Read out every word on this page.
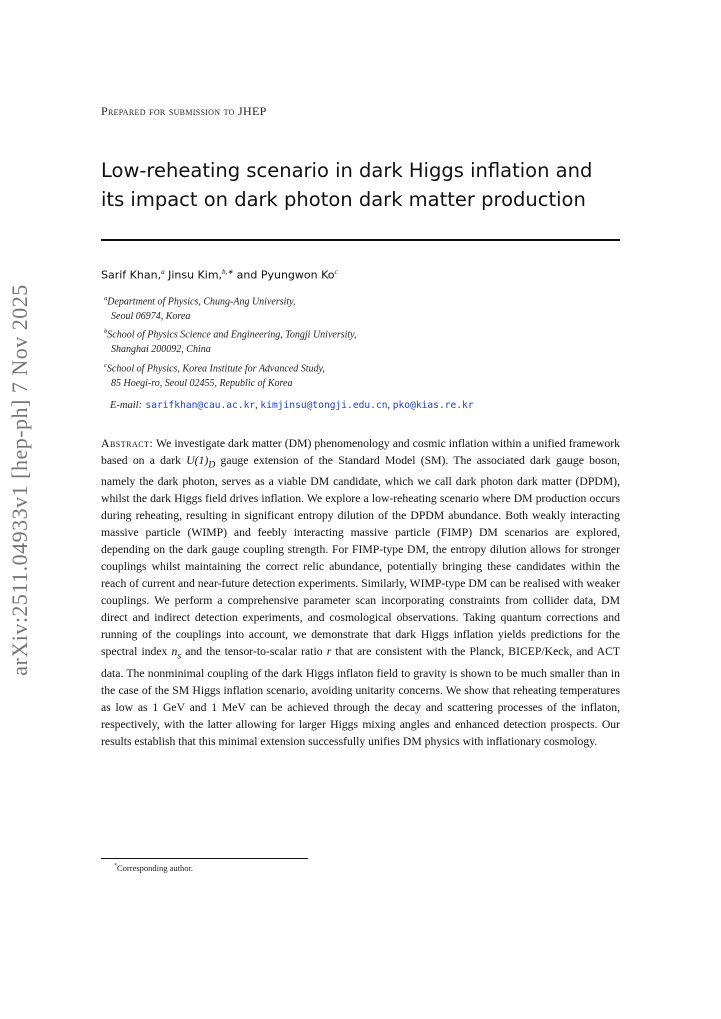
arXiv:2511.04933v1 [hep-ph] 7 Nov 2025
Prepared for submission to JHEP
Low-reheating scenario in dark Higgs inflation and
its impact on dark photon dark matter production
Sarif Khan,$^a$ Jinsu Kim,$^{b,∗}$ and Pyungwon Ko$^c$
$^a$Department of Physics, Chung-Ang University,
Seoul 06974, Korea
$^b$School of Physics Science and Engineering, Tongji University,
Shanghai 200092, China
$^c$School of Physics, Korea Institute for Advanced Study,
85 Hoegi-ro, Seoul 02455, Republic of Korea
E-mail: sarifkhan@cau.ac.kr, kimjinsu@tongji.edu.cn, pko@kias.re.kr
Abstract: We investigate dark matter (DM) phenomenology and cosmic inflation within a unified framework based on a dark $U(1)_D$ gauge extension of the Standard Model (SM). The associated dark gauge boson, namely the dark photon, serves as a viable DM candidate, which we call dark photon dark matter (DPDM), whilst the dark Higgs field drives inflation. We explore a low-reheating scenario where DM production occurs during reheating, resulting in significant entropy dilution of the DPDM abundance. Both weakly interacting massive particle (WIMP) and feebly interacting massive particle (FIMP) DM scenarios are explored, depending on the dark gauge coupling strength. For FIMP-type DM, the entropy dilution allows for stronger couplings whilst maintaining the correct relic abundance, potentially bringing these candidates within the reach of current and near-future detection experiments. Similarly, WIMP-type DM can be realised with weaker couplings. We perform a comprehensive parameter scan incorporating constraints from collider data, DM direct and indirect detection experiments, and cosmological observations. Taking quantum corrections and running of the couplings into account, we demonstrate that dark Higgs inflation yields predictions for the spectral index $n_s$ and the tensor-to-scalar ratio r that are consistent with the Planck, BICEP/Keck, and ACT data. The nonminimal coupling of the dark Higgs inflaton field to gravity is shown to be much smaller than in the case of the SM Higgs inflation scenario, avoiding unitarity concerns. We show that reheating temperatures as low as 1 GeV and 1 MeV can be achieved through the decay and scattering processes of the inflaton, respectively, with the latter allowing for larger Higgs mixing angles and enhanced detection prospects. Our results establish that this minimal extension successfully unifies DM physics with inflationary cosmology.
*Corresponding author.
